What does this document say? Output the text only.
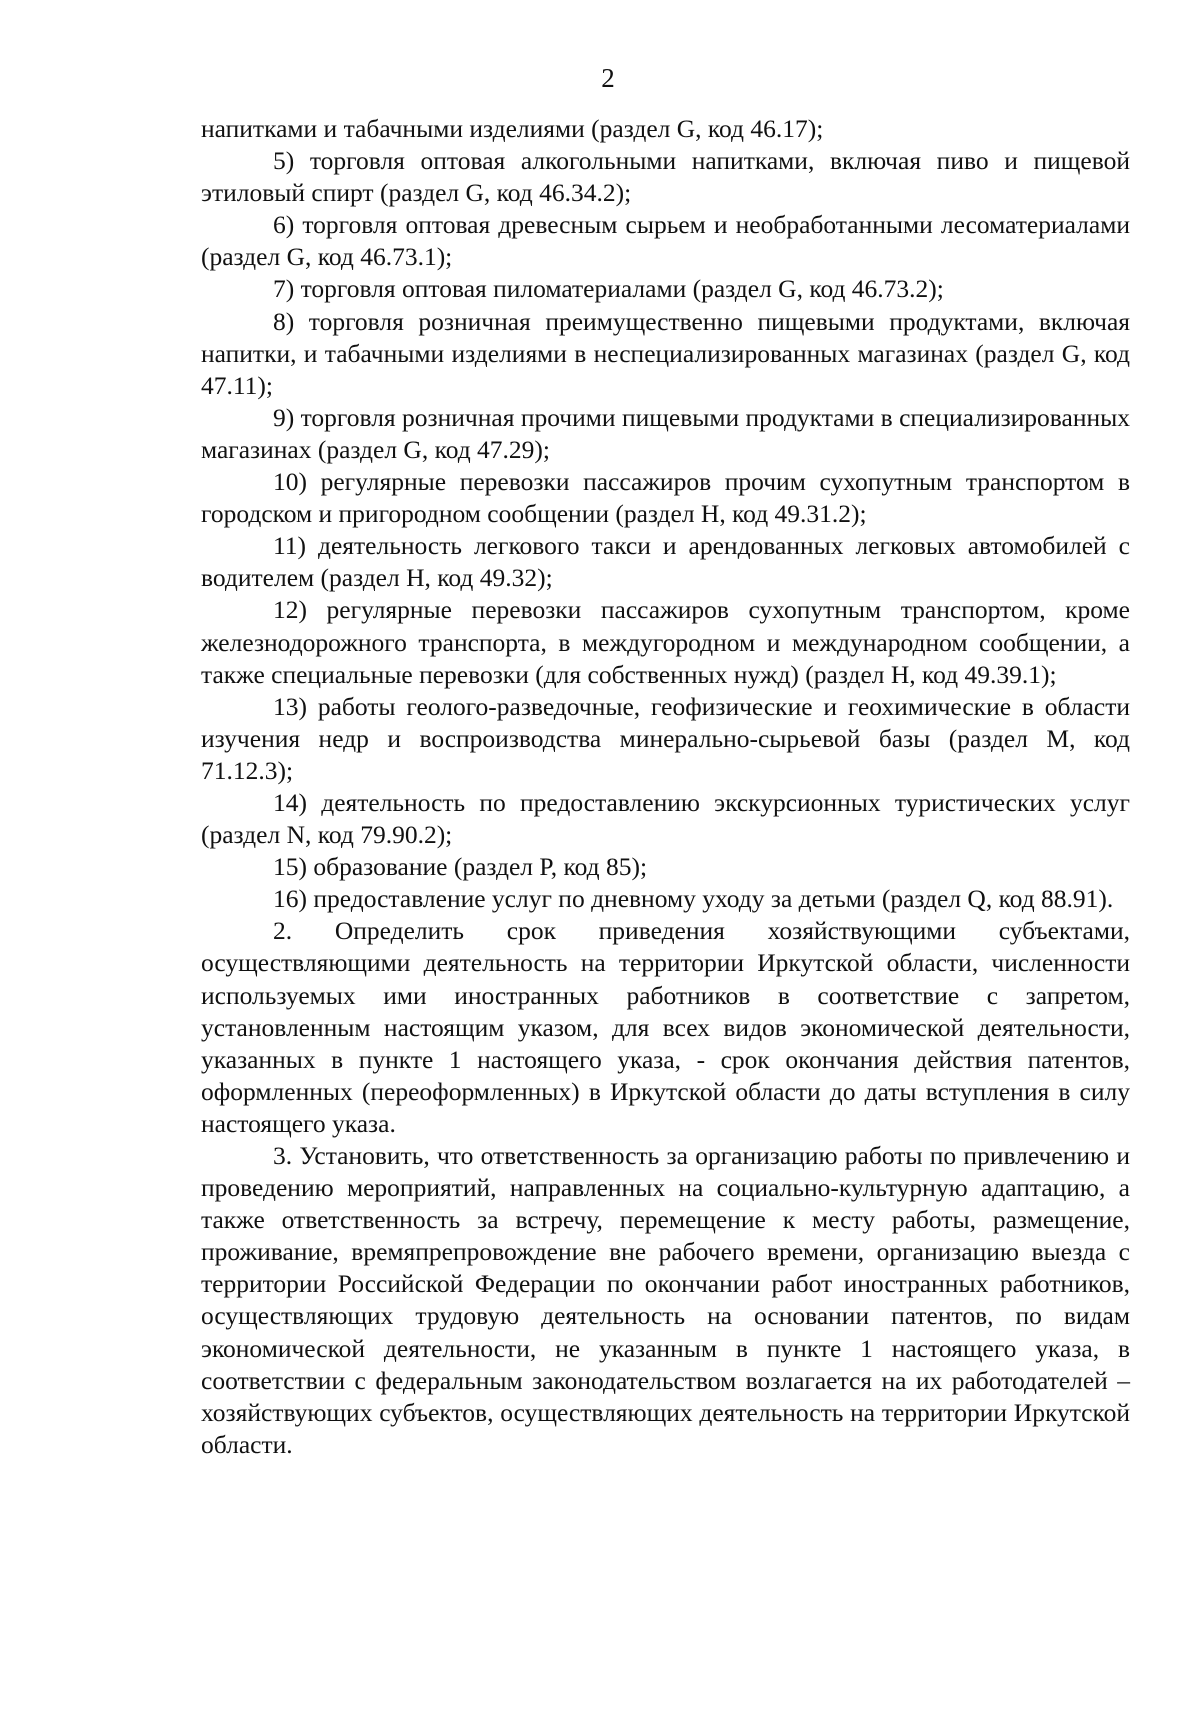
2

напитками и табачными изделиями (раздел G, код 46.17);

5) торговля оптовая алкогольными напитками, включая пиво и пищевой этиловый спирт (раздел G, код 46.34.2);

6) торговля оптовая древесным сырьем и необработанными лесоматериалами (раздел G, код 46.73.1);

7) торговля оптовая пиломатериалами (раздел G, код 46.73.2);

8) торговля розничная преимущественно пищевыми продуктами, включая напитки, и табачными изделиями в неспециализированных магазинах (раздел G, код 47.11);

9) торговля розничная прочими пищевыми продуктами в специализированных магазинах (раздел G, код 47.29);

10) регулярные перевозки пассажиров прочим сухопутным транспортом в городском и пригородном сообщении (раздел H, код 49.31.2);

11) деятельность легкового такси и арендованных легковых автомобилей с водителем (раздел H, код 49.32);

12) регулярные перевозки пассажиров сухопутным транспортом, кроме железнодорожного транспорта, в междугородном и международном сообщении, а также специальные перевозки (для собственных нужд) (раздел H, код 49.39.1);

13) работы геолого-разведочные, геофизические и геохимические в области изучения недр и воспроизводства минерально-сырьевой базы (раздел M, код 71.12.3);

14) деятельность по предоставлению экскурсионных туристических услуг (раздел N, код 79.90.2);

15) образование (раздел P, код 85);

16) предоставление услуг по дневному уходу за детьми (раздел Q, код 88.91).

2. Определить срок приведения хозяйствующими субъектами, осуществляющими деятельность на территории Иркутской области, численности используемых ими иностранных работников в соответствие с запретом, установленным настоящим указом, для всех видов экономической деятельности, указанных в пункте 1 настоящего указа, - срок окончания действия патентов, оформленных (переоформленных) в Иркутской области до даты вступления в силу настоящего указа.

3. Установить, что ответственность за организацию работы по привлечению и проведению мероприятий, направленных на социально-культурную адаптацию, а также ответственность за встречу, перемещение к месту работы, размещение, проживание, времяпрепровождение вне рабочего времени, организацию выезда с территории Российской Федерации по окончании работ иностранных работников, осуществляющих трудовую деятельность на основании патентов, по видам экономической деятельности, не указанным в пункте 1 настоящего указа, в соответствии с федеральным законодательством возлагается на их работодателей – хозяйствующих субъектов, осуществляющих деятельность на территории Иркутской области.
